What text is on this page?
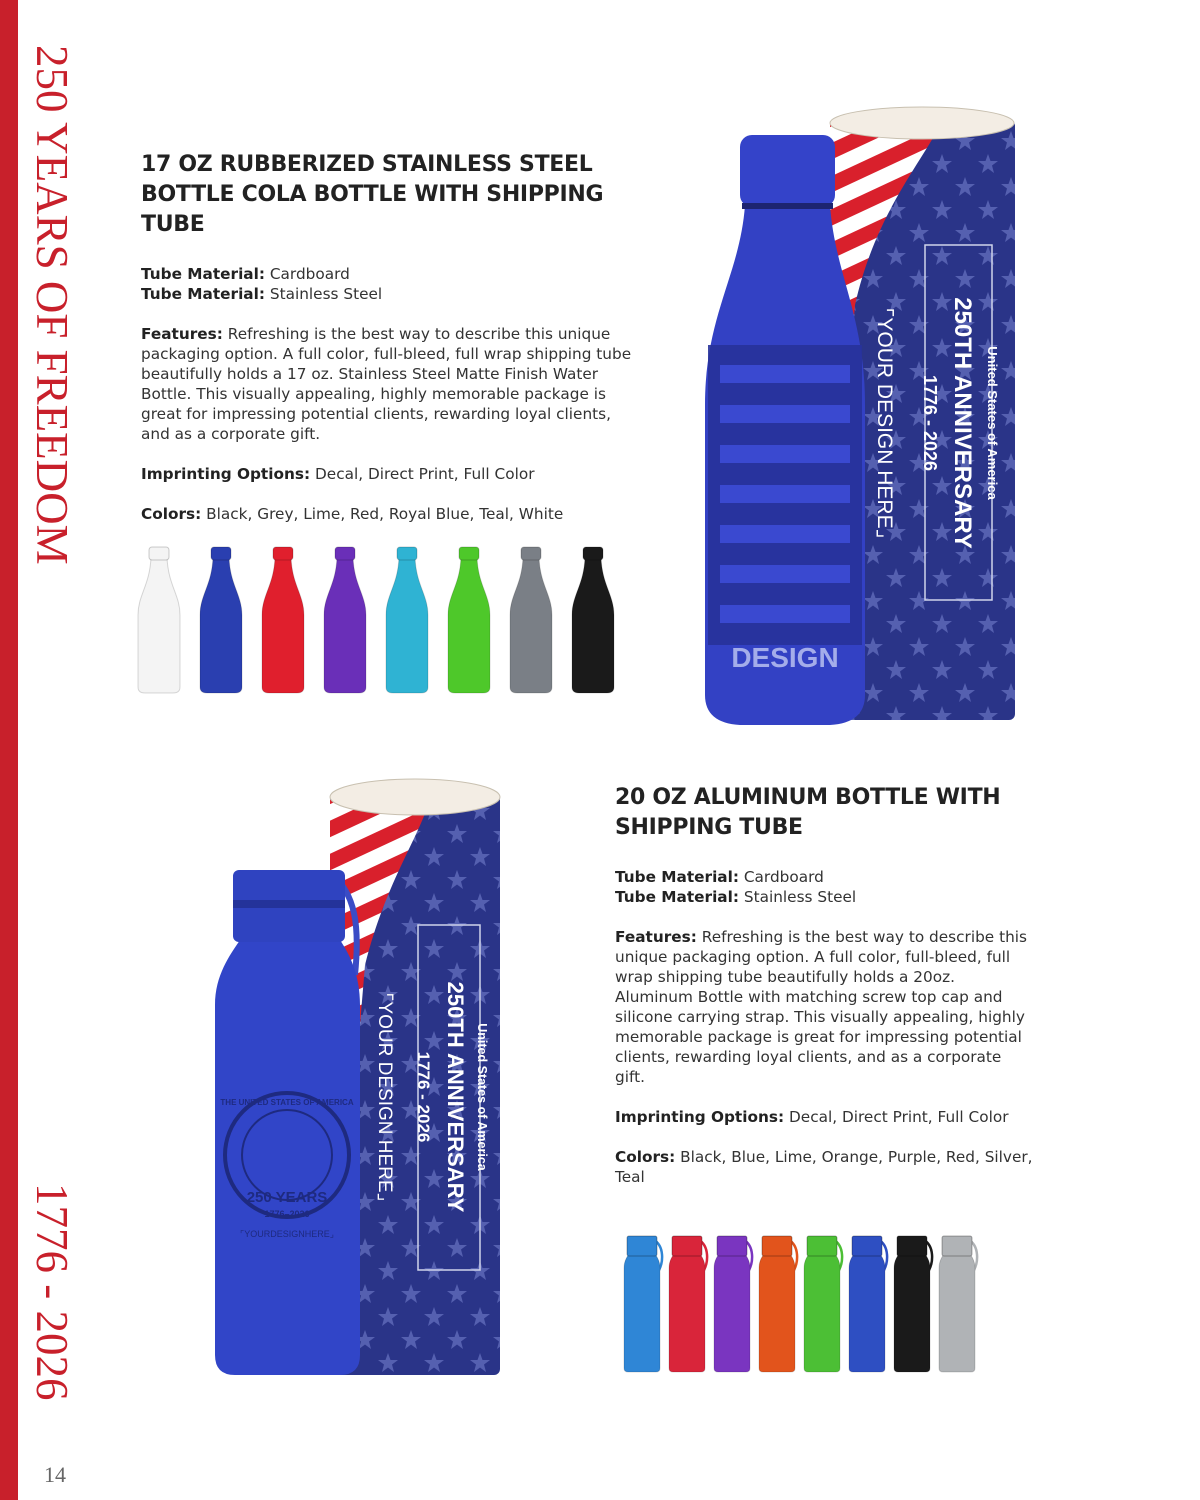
250 YEARS OF FREEDOM
1776 - 2026
14
17 OZ RUBBERIZED STAINLESS STEEL BOTTLE COLA BOTTLE WITH SHIPPING TUBE

Tube Material: Cardboard
Tube Material: Stainless Steel

Features: Refreshing is the best way to describe this unique packaging option. A full color, full-bleed, full wrap shipping tube beautifully holds a 17 oz. Stainless Steel Matte Finish Water Bottle. This visually appealing, highly memorable package is great for impressing potential clients, rewarding loyal clients, and as a corporate gift.

Imprinting Options: Decal, Direct Print, Full Color

Colors: Black, Grey, Lime, Red, Royal Blue, Teal, White

United States of America
250TH ANNIVERSARY
1776 - 2026
⌜YOUR DESIGN HERE⌟
DESIGN
United States of America
250TH ANNIVERSARY
1776 - 2026
⌜YOUR DESIGN HERE⌟
THE UNITED STATES OF AMERICA
250 YEARS
1776–2026
⌜YOURDESIGNHERE⌟
20 OZ ALUMINUM BOTTLE WITH SHIPPING TUBE

Tube Material: Cardboard
Tube Material: Stainless Steel

Features: Refreshing is the best way to describe this unique packaging option. A full color, full-bleed, full wrap shipping tube beautifully holds a 20oz. Aluminum Bottle with matching screw top cap and silicone carrying strap. This visually appealing, highly memorable package is great for impressing potential clients, rewarding loyal clients, and as a corporate gift.

Imprinting Options: Decal, Direct Print, Full Color

Colors: Black, Blue, Lime, Orange, Purple, Red, Silver, Teal
